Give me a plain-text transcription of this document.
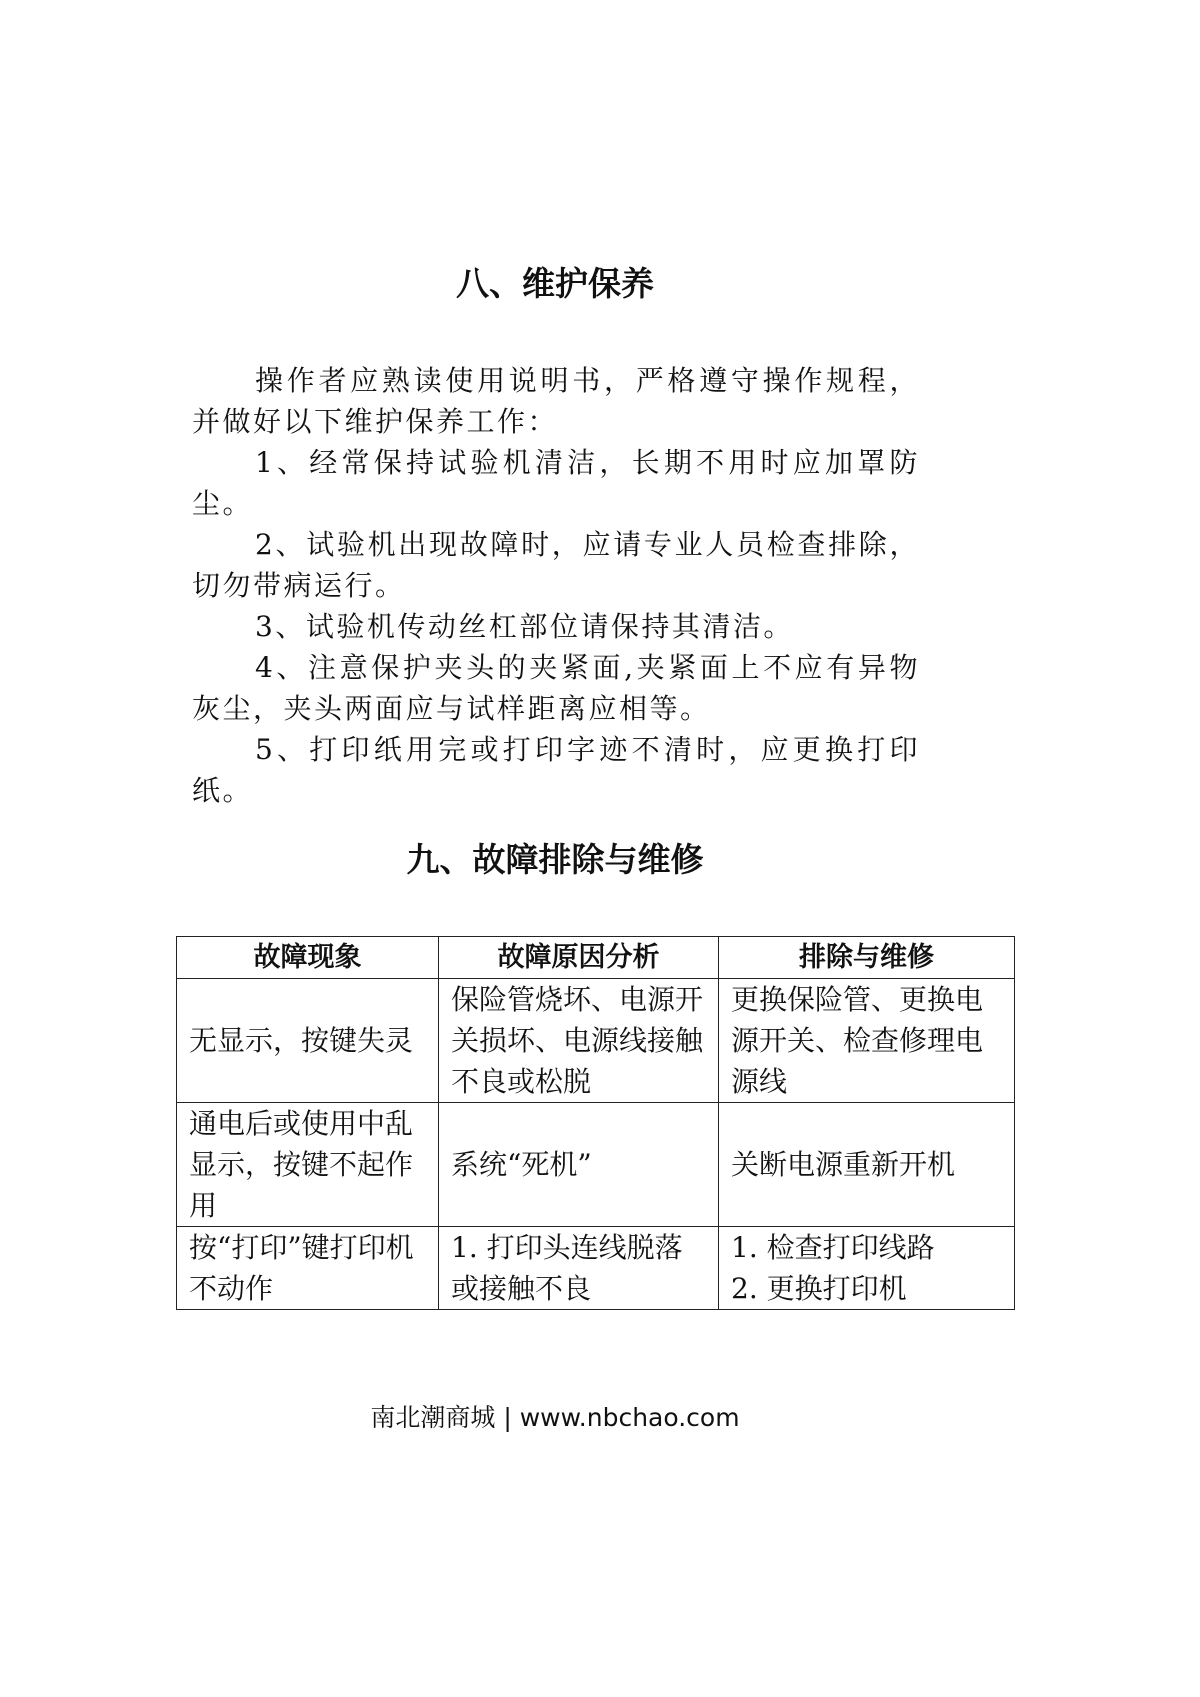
八、维护保养

操作者应熟读使用说明书，严格遵守操作规程，并做好以下维护保养工作：

1、经常保持试验机清洁，长期不用时应加罩防尘。

2、试验机出现故障时，应请专业人员检查排除，切勿带病运行。

3、试验机传动丝杠部位请保持其清洁。

4、注意保护夹头的夹紧面,夹紧面上不应有异物灰尘，夹头两面应与试样距离应相等。

5、打印纸用完或打印字迹不清时，应更换打印纸。

九、故障排除与维修
故障现象	故障原因分析	排除与维修
无显示，按键失灵	保险管烧坏、电源开关损坏、电源线接触不良或松脱	更换保险管、更换电源开关、检查修理电源线
通电后或使用中乱显示，按键不起作用	系统“死机”	关断电源重新开机
按“打印”键打印机不动作	1. 打印头连线脱落或接触不良	1. 检查打印线路
2. 更换打印机
南北潮商城 | www.nbchao.com
